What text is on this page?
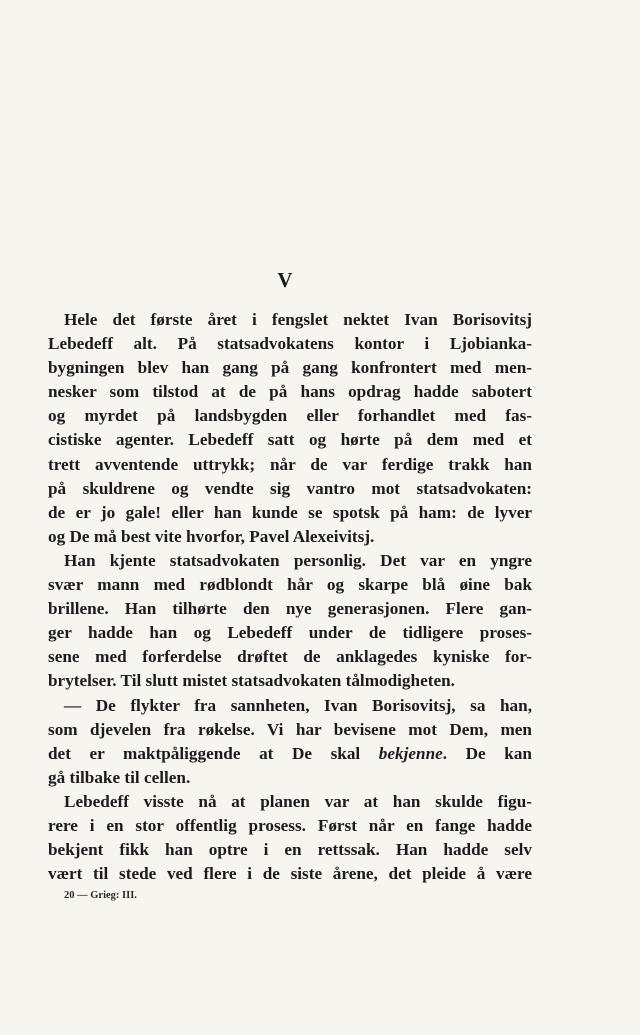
V
Hele det første året i fengslet nektet Ivan Borisovitsj
Lebedeff alt. På statsadvokatens kontor i Ljobianka-
bygningen blev han gang på gang konfrontert med men-
nesker som tilstod at de på hans opdrag hadde sabotert
og myrdet på landsbygden eller forhandlet med fas-
cistiske agenter. Lebedeff satt og hørte på dem med et
trett avventende uttrykk; når de var ferdige trakk han
på skuldrene og vendte sig vantro mot statsadvokaten:
de er jo gale! eller han kunde se spotsk på ham: de lyver
og De må best vite hvorfor, Pavel Alexeivitsj.
Han kjente statsadvokaten personlig. Det var en yngre
svær mann med rødblondt hår og skarpe blå øine bak
brillene. Han tilhørte den nye generasjonen. Flere gan-
ger hadde han og Lebedeff under de tidligere proses-
sene med forferdelse drøftet de anklagedes kyniske for-
brytelser. Til slutt mistet statsadvokaten tålmodigheten.
— De flykter fra sannheten, Ivan Borisovitsj, sa han,
som djevelen fra røkelse. Vi har bevisene mot Dem, men
det er maktpåliggende at De skal bekjenne. De kan
gå tilbake til cellen.
Lebedeff visste nå at planen var at han skulde figu-
rere i en stor offentlig prosess. Først når en fange hadde
bekjent fikk han optre i en rettssak. Han hadde selv
vært til stede ved flere i de siste årene, det pleide å være
20 — Grieg: III.
